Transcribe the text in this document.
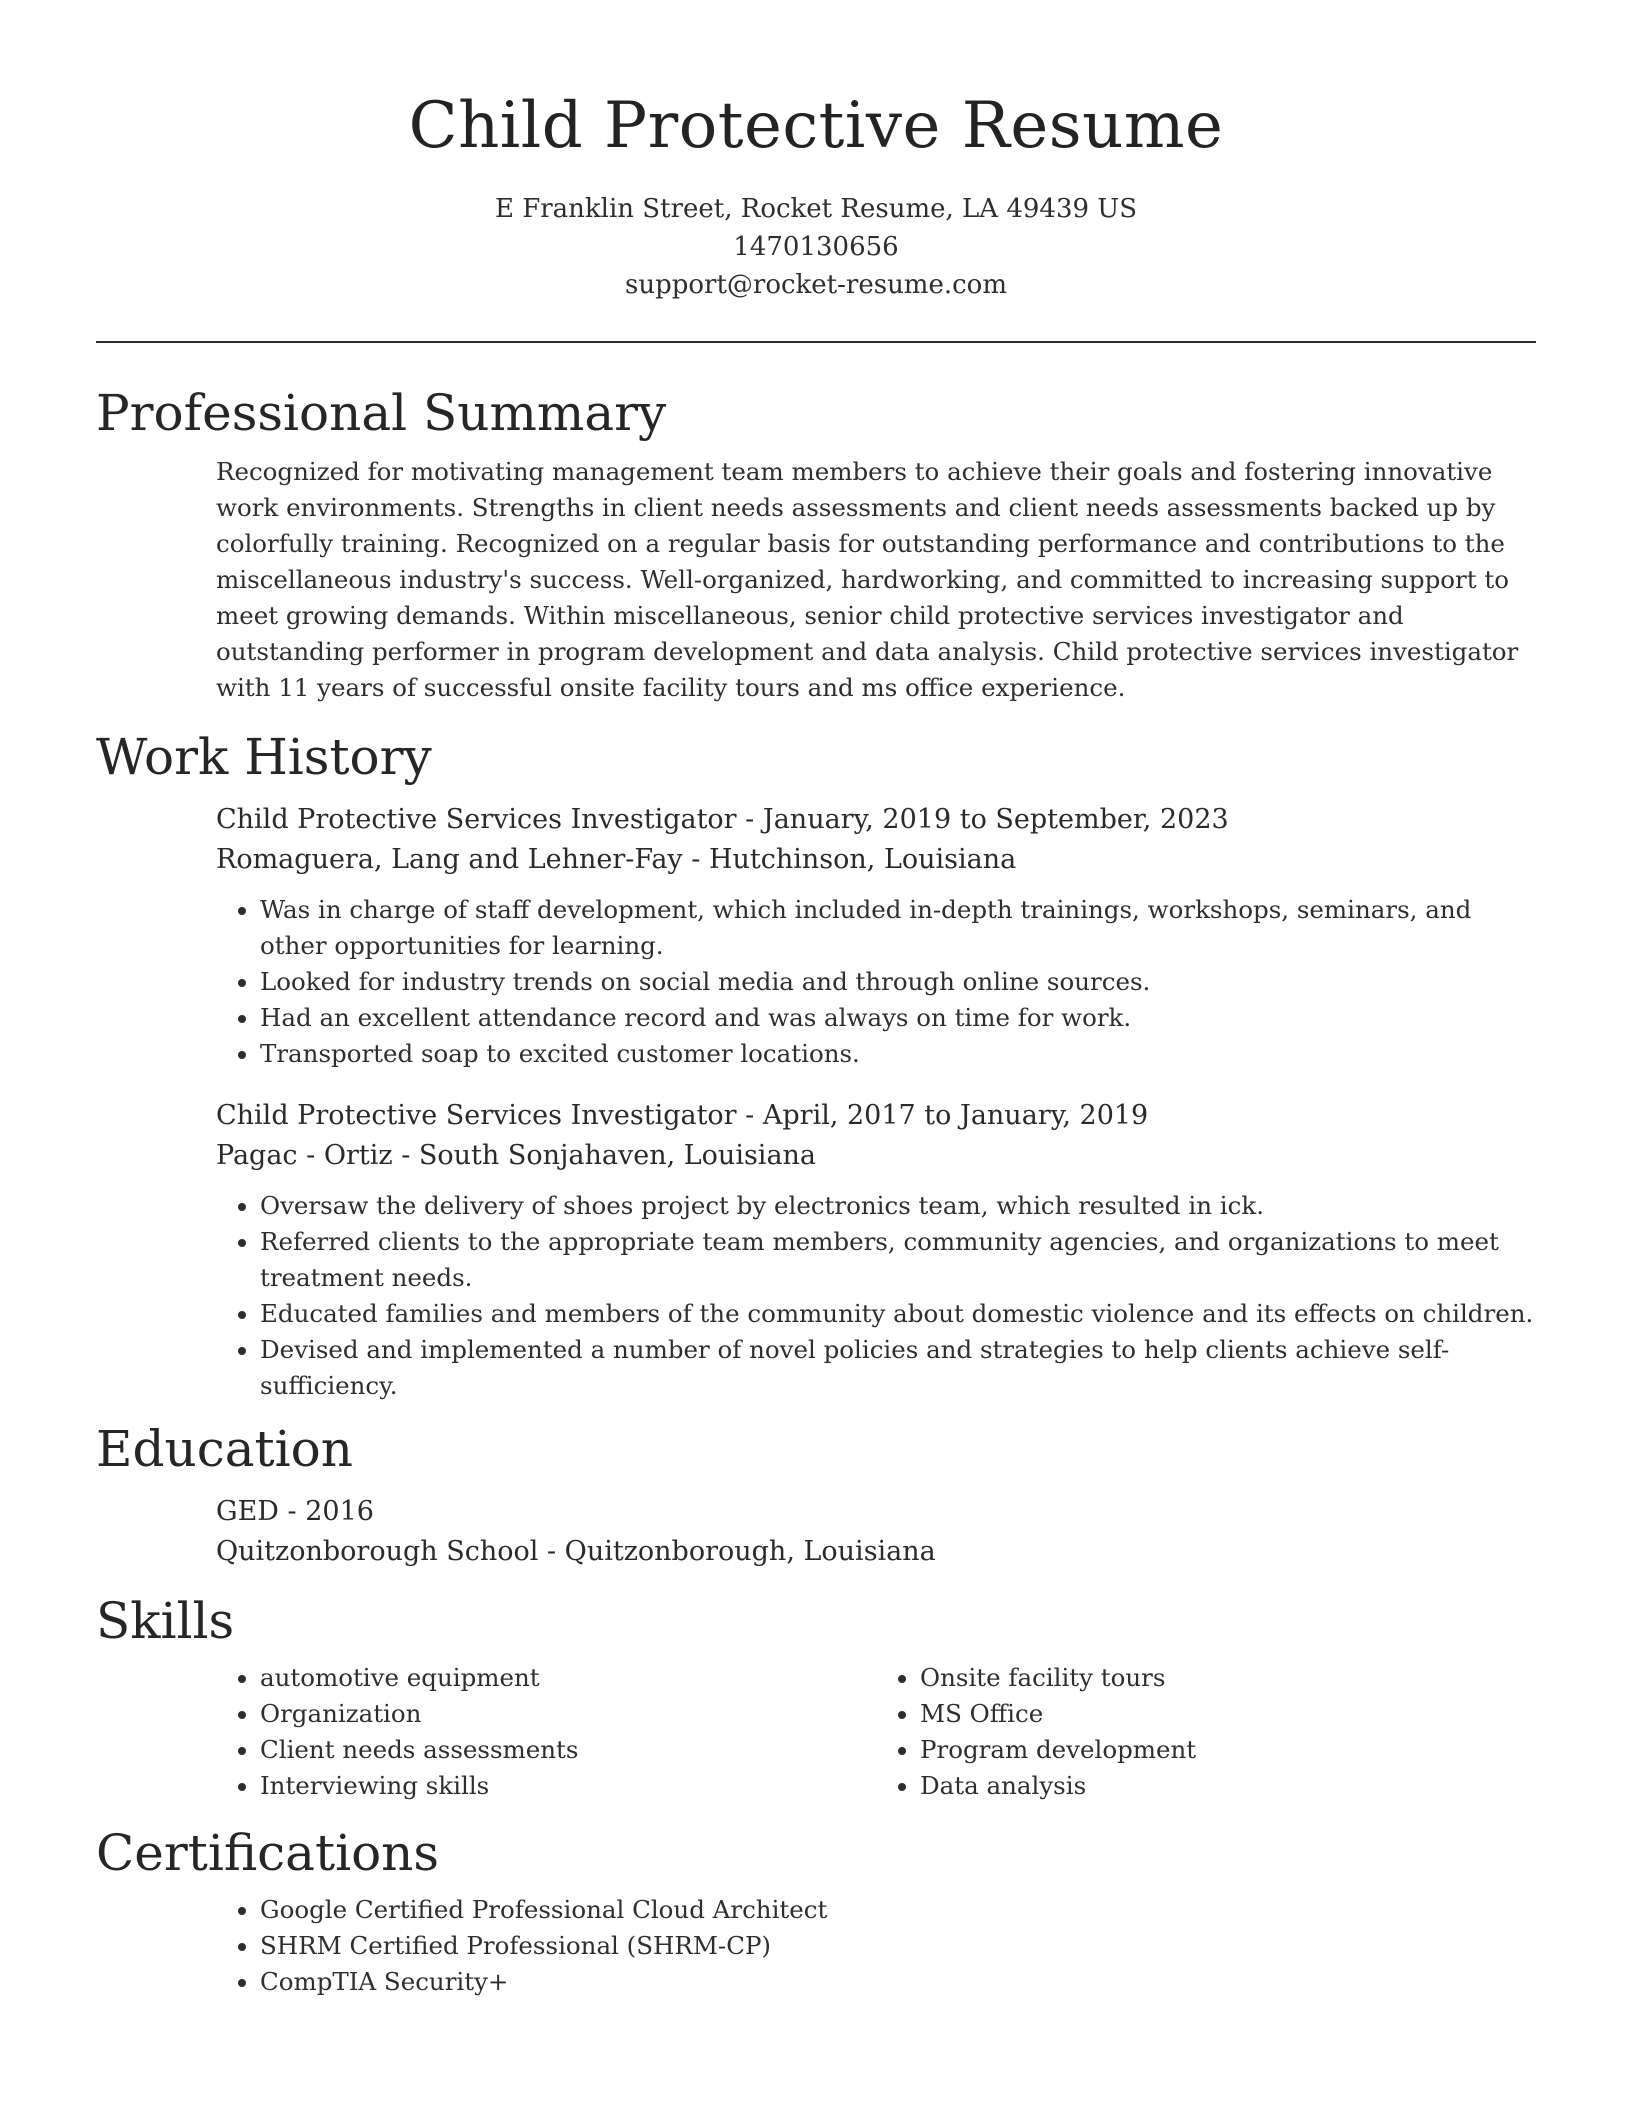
Child Protective Resume
E Franklin Street, Rocket Resume, LA 49439 US
1470130656
support@rocket-resume.com
Professional Summary

Recognized for motivating management team members to achieve their goals and fostering innovative work environments. Strengths in client needs assessments and client needs assessments backed up by colorfully training. Recognized on a regular basis for outstanding performance and contributions to the miscellaneous industry's success. Well-organized, hardworking, and committed to increasing support to meet growing demands. Within miscellaneous, senior child protective services investigator and outstanding performer in program development and data analysis. Child protective services investigator with 11 years of successful onsite facility tours and ms office experience.

Work History
Child Protective Services Investigator - January, 2019 to September, 2023
Romaguera, Lang and Lehner-Fay - Hutchinson, Louisiana
• Was in charge of staff development, which included in-depth trainings, workshops, seminars, and other opportunities for learning.
• Looked for industry trends on social media and through online sources.
• Had an excellent attendance record and was always on time for work.
• Transported soap to excited customer locations.
Child Protective Services Investigator - April, 2017 to January, 2019
Pagac - Ortiz - South Sonjahaven, Louisiana
• Oversaw the delivery of shoes project by electronics team, which resulted in ick.
• Referred clients to the appropriate team members, community agencies, and organizations to meet treatment needs.
• Educated families and members of the community about domestic violence and its effects on children.
• Devised and implemented a number of novel policies and strategies to help clients achieve self-sufficiency.
Education
GED - 2016
Quitzonborough School - Quitzonborough, Louisiana
Skills
• automotive equipment
• Organization
• Client needs assessments
• Interviewing skills
• Onsite facility tours
• MS Office
• Program development
• Data analysis
Certifications
• Google Certified Professional Cloud Architect
• SHRM Certified Professional (SHRM-CP)
• CompTIA Security+
